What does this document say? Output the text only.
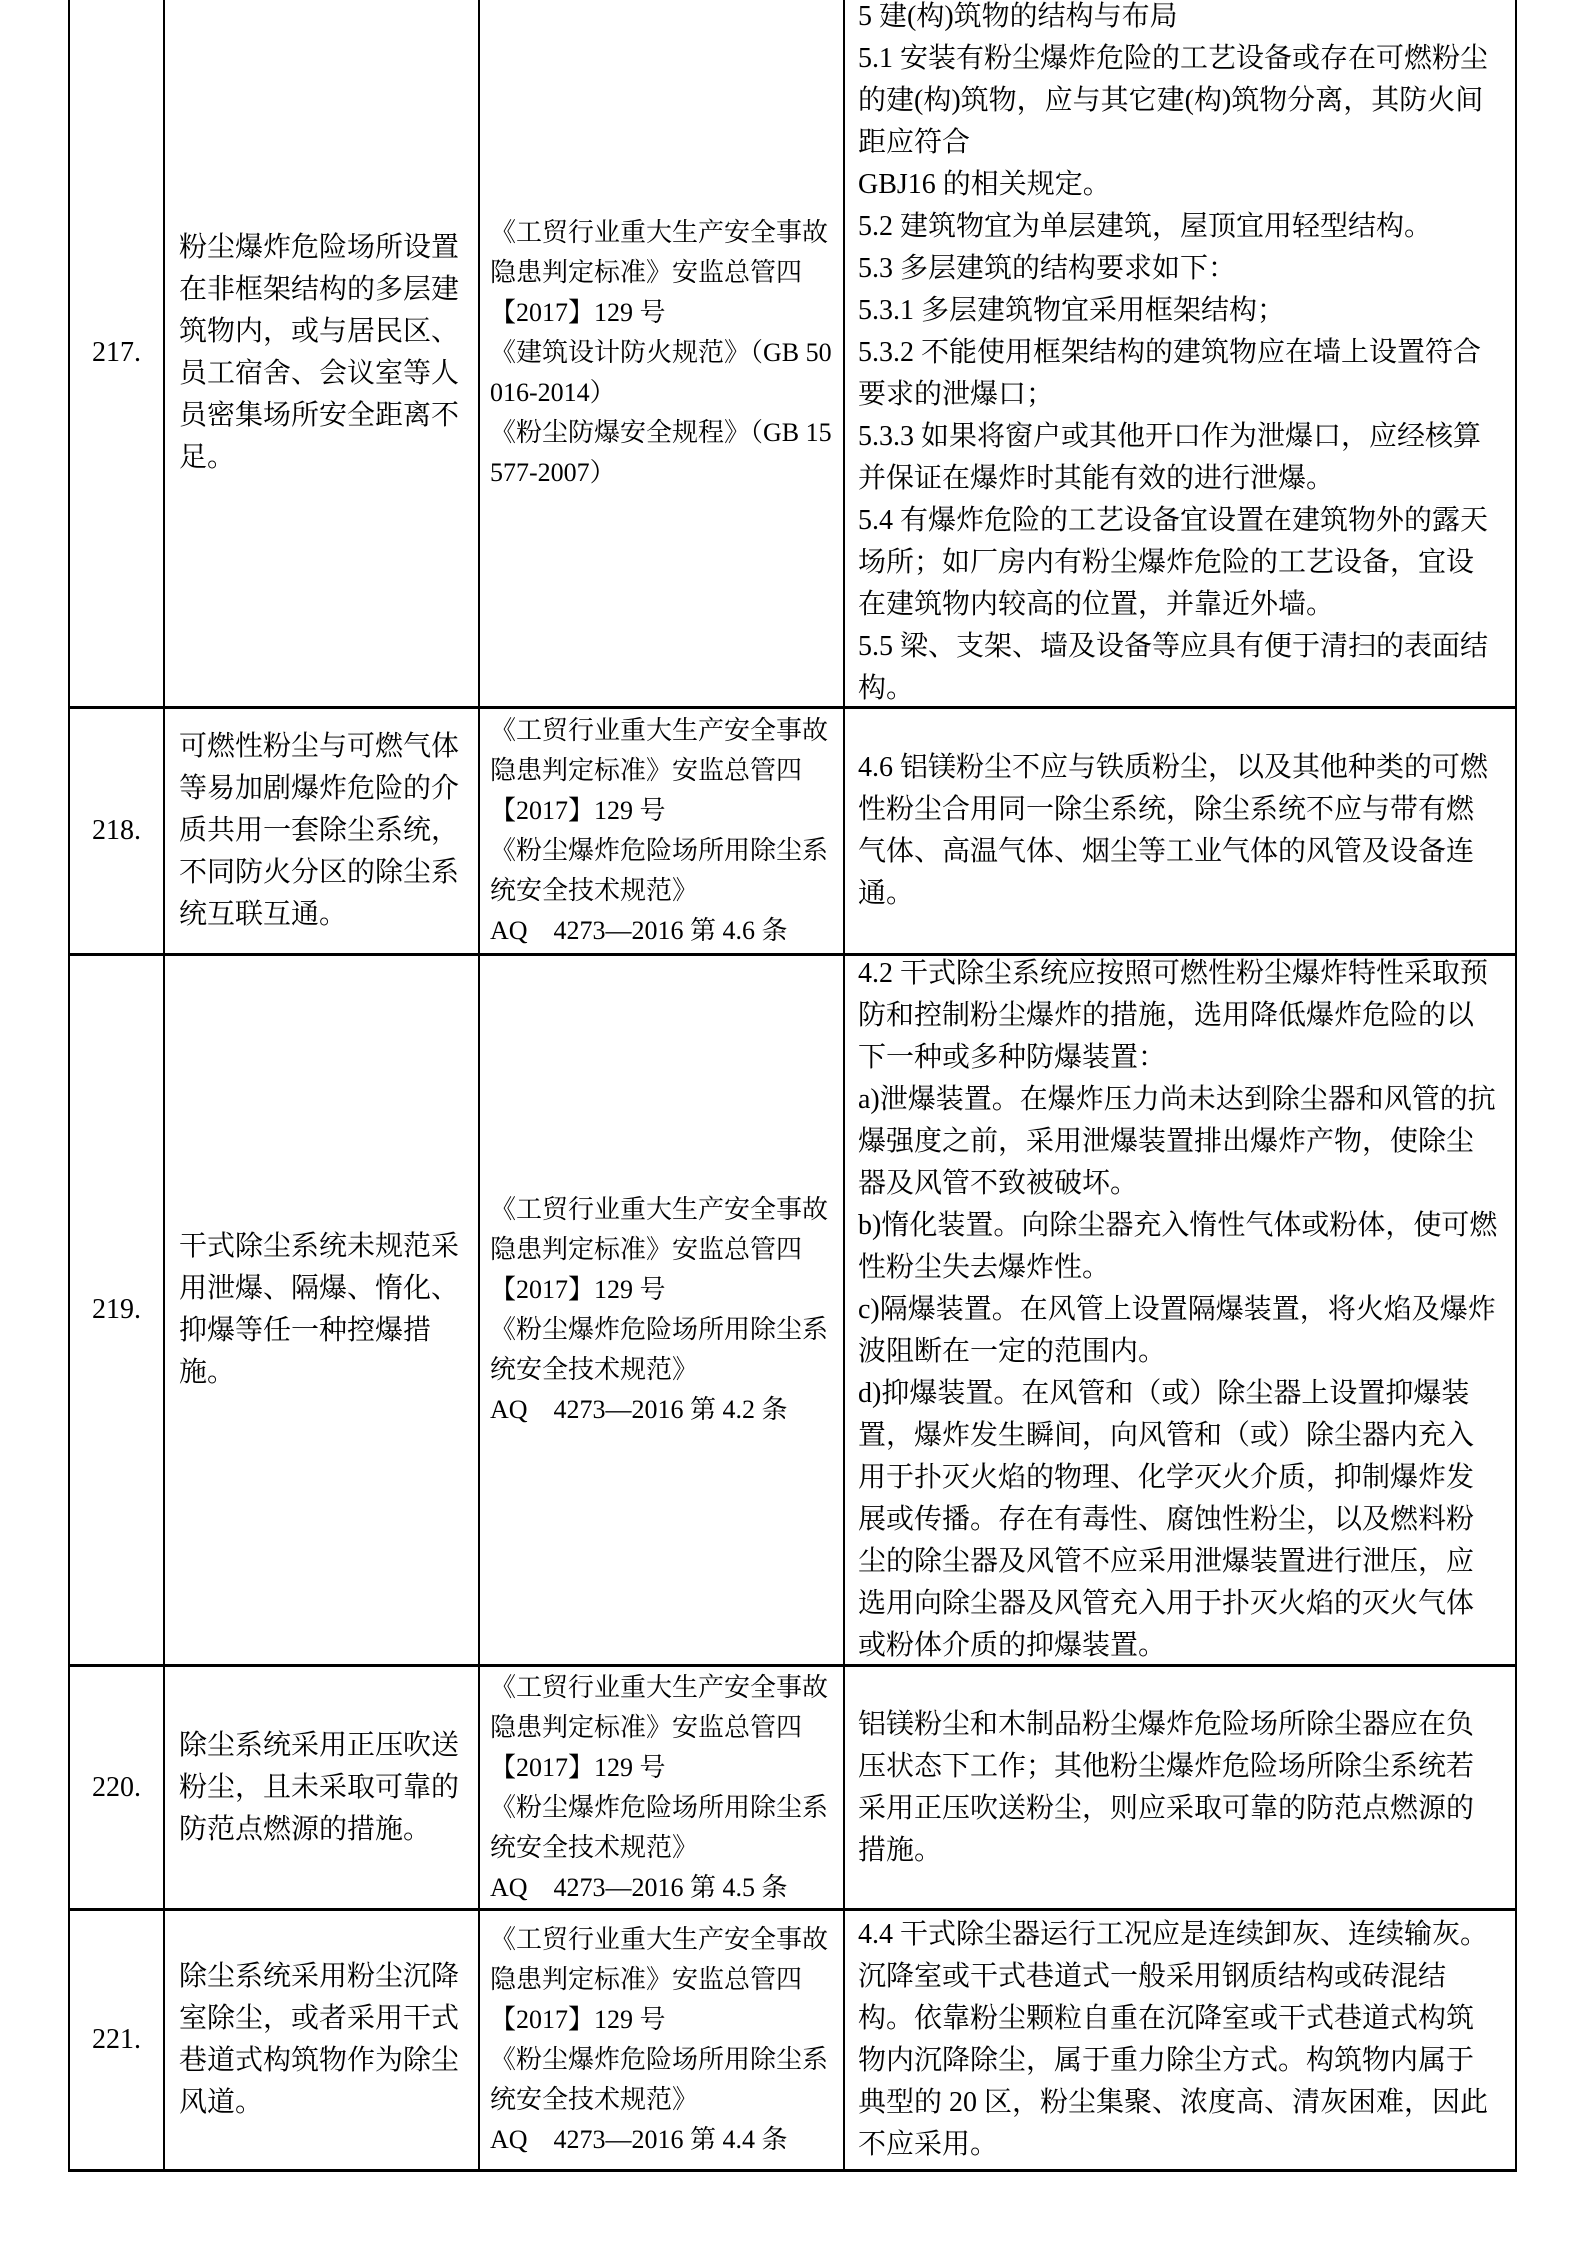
217.
粉尘爆炸危险场所设置在非框架结构的多层建筑物内，或与居民区、员工宿舍、会议室等人员密集场所安全距离不足。
《工贸行业重大生产安全事故隐患判定标准》安监总管四【2017】129 号
《建筑设计防火规范》（GB 50016-2014）
《粉尘防爆安全规程》（GB 15577-2007）
5 建(构)筑物的结构与布局
5.1 安装有粉尘爆炸危险的工艺设备或存在可燃粉尘的建(构)筑物，应与其它建(构)筑物分离，其防火间距应符合
GBJ16 的相关规定。
5.2 建筑物宜为单层建筑，屋顶宜用轻型结构。
5.3 多层建筑的结构要求如下：
5.3.1 多层建筑物宜采用框架结构；
5.3.2 不能使用框架结构的建筑物应在墙上设置符合要求的泄爆口；
5.3.3 如果将窗户或其他开口作为泄爆口，应经核算并保证在爆炸时其能有效的进行泄爆。
5.4 有爆炸危险的工艺设备宜设置在建筑物外的露天场所；如厂房内有粉尘爆炸危险的工艺设备，宜设在建筑物内较高的位置，并靠近外墙。
5.5 梁、支架、墙及设备等应具有便于清扫的表面结构。
218.
可燃性粉尘与可燃气体等易加剧爆炸危险的介质共用一套除尘系统，不同防火分区的除尘系统互联互通。
《工贸行业重大生产安全事故隐患判定标准》安监总管四【2017】129 号
《粉尘爆炸危险场所用除尘系统安全技术规范》
AQ　4273—2016 第 4.6 条
4.6 铝镁粉尘不应与铁质粉尘，以及其他种类的可燃性粉尘合用同一除尘系统，除尘系统不应与带有燃气体、高温气体、烟尘等工业气体的风管及设备连通。
219.
干式除尘系统未规范采用泄爆、隔爆、惰化、抑爆等任一种控爆措施。
《工贸行业重大生产安全事故隐患判定标准》安监总管四【2017】129 号
《粉尘爆炸危险场所用除尘系统安全技术规范》
AQ　4273—2016 第 4.2 条
4.2 干式除尘系统应按照可燃性粉尘爆炸特性采取预防和控制粉尘爆炸的措施，选用降低爆炸危险的以下一种或多种防爆装置：
a)泄爆装置。在爆炸压力尚未达到除尘器和风管的抗爆强度之前，采用泄爆装置排出爆炸产物，使除尘器及风管不致被破坏。
b)惰化装置。向除尘器充入惰性气体或粉体，使可燃性粉尘失去爆炸性。
c)隔爆装置。在风管上设置隔爆装置，将火焰及爆炸波阻断在一定的范围内。
d)抑爆装置。在风管和（或）除尘器上设置抑爆装置，爆炸发生瞬间，向风管和（或）除尘器内充入用于扑灭火焰的物理、化学灭火介质，抑制爆炸发展或传播。存在有毒性、腐蚀性粉尘，以及燃料粉尘的除尘器及风管不应采用泄爆装置进行泄压，应选用向除尘器及风管充入用于扑灭火焰的灭火气体或粉体介质的抑爆装置。
220.
除尘系统采用正压吹送粉尘，且未采取可靠的防范点燃源的措施。
《工贸行业重大生产安全事故隐患判定标准》安监总管四【2017】129 号
《粉尘爆炸危险场所用除尘系统安全技术规范》
AQ　4273—2016 第 4.5 条
铝镁粉尘和木制品粉尘爆炸危险场所除尘器应在负压状态下工作；其他粉尘爆炸危险场所除尘系统若采用正压吹送粉尘，则应采取可靠的防范点燃源的措施。
221.
除尘系统采用粉尘沉降室除尘，或者采用干式巷道式构筑物作为除尘风道。
《工贸行业重大生产安全事故隐患判定标准》安监总管四【2017】129 号
《粉尘爆炸危险场所用除尘系统安全技术规范》
AQ　4273—2016 第 4.4 条
4.4 干式除尘器运行工况应是连续卸灰、连续输灰。沉降室或干式巷道式一般采用钢质结构或砖混结构。依靠粉尘颗粒自重在沉降室或干式巷道式构筑物内沉降除尘，属于重力除尘方式。构筑物内属于典型的 20 区，粉尘集聚、浓度高、清灰困难，因此不应采用。
